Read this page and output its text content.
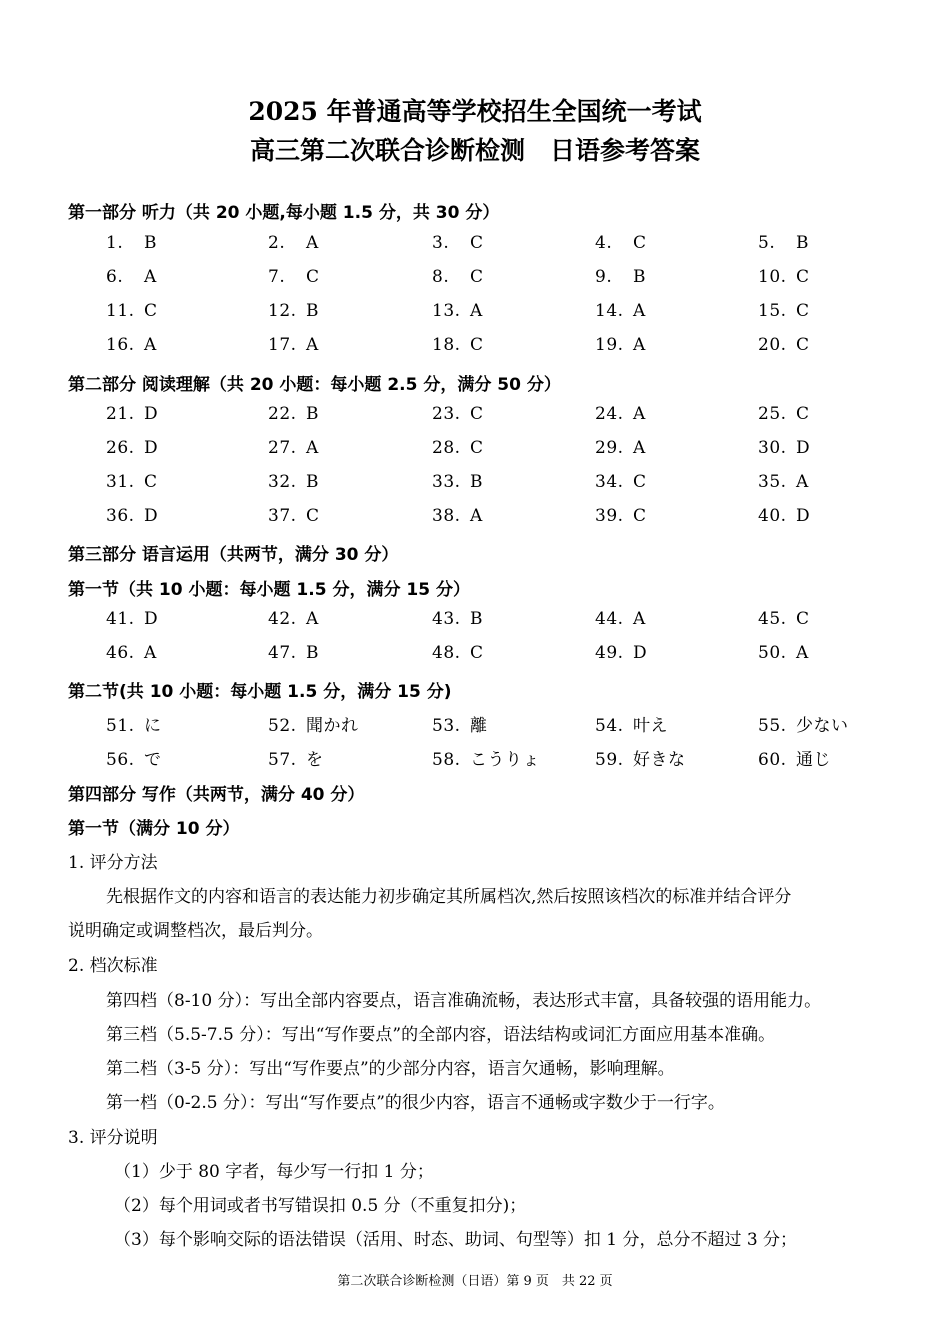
2025 年普通高等学校招生全国统一考试
高三第二次联合诊断检测　日语参考答案
第一部分 听力（共 20 小题,每小题 1.5 分，共 30 分）
1. B	2. A	3. C	4. C	5. B
6. A	7. C	8. C	9. B	10. C
11. C	12. B	13. A	14. A	15. C
16. A	17. A	18. C	19. A	20. C
第二部分 阅读理解（共 20 小题：每小题 2.5 分，满分 50 分）
21. D	22. B	23. C	24. A	25. C
26. D	27. A	28. C	29. A	30. D
31. C	32. B	33. B	34. C	35. A
36. D	37. C	38. A	39. C	40. D
第三部分 语言运用（共两节，满分 30 分）
第一节（共 10 小题：每小题 1.5 分，满分 15 分）
41. D	42. A	43. B	44. A	45. C
46. A	47. B	48. C	49. D	50. A
第二节(共 10 小题：每小题 1.5 分，满分 15 分)
51. に	52. 聞かれ	53. 離	54. 叶え	55. 少ない
56. で	57. を	58. こうりょ	59. 好きな	60. 通じ
第四部分 写作（共两节，满分 40 分）
第一节（满分 10 分）
1. 评分方法
先根据作文的内容和语言的表达能力初步确定其所属档次,然后按照该档次的标准并结合评分
说明确定或调整档次，最后判分。
2. 档次标准
第四档（8-10 分）：写出全部内容要点，语言准确流畅，表达形式丰富，具备较强的语用能力。
第三档（5.5-7.5 分）：写出“写作要点”的全部内容，语法结构或词汇方面应用基本准确。
第二档（3-5 分）：写出“写作要点”的少部分内容，语言欠通畅，影响理解。
第一档（0-2.5 分）：写出“写作要点”的很少内容，语言不通畅或字数少于一行字。
3. 评分说明
（1）少于 80 字者，每少写一行扣 1 分；
（2）每个用词或者书写错误扣 0.5 分（不重复扣分)；
（3）每个影响交际的语法错误（活用、时态、助词、句型等）扣 1 分，总分不超过 3 分；
第二次联合诊断检测（日语）第 9 页　共 22 页
